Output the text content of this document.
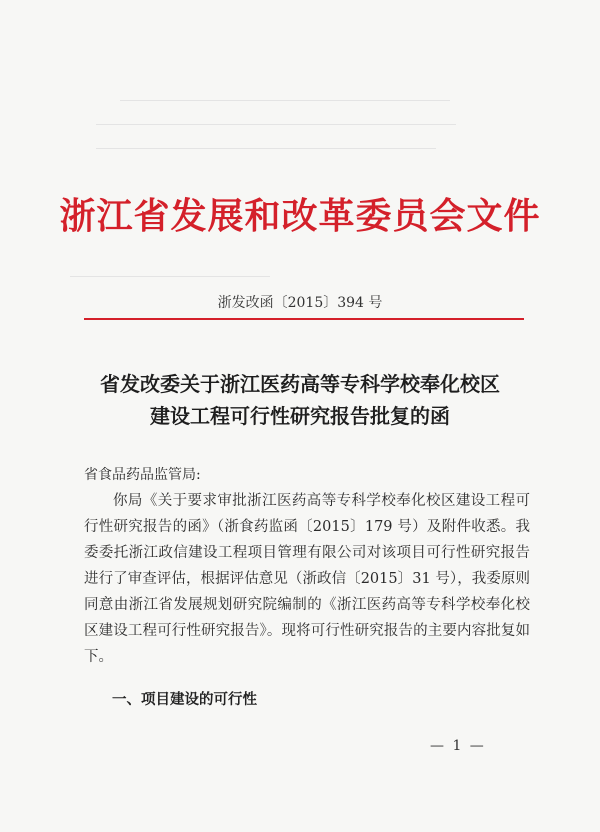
浙江省发展和改革委员会文件
浙发改函〔2015〕394 号
省发改委关于浙江医药高等专科学校奉化校区
建设工程可行性研究报告批复的函
省食品药品监管局:

你局《关于要求审批浙江医药高等专科学校奉化校区建设工程可行性研究报告的函》（浙食药监函〔2015〕179 号）及附件收悉。我委委托浙江政信建设工程项目管理有限公司对该项目可行性研究报告进行了审查评估，根据评估意见（浙政信〔2015〕31 号），我委原则同意由浙江省发展规划研究院编制的《浙江医药高等专科学校奉化校区建设工程可行性研究报告》。现将可行性研究报告的主要内容批复如下。

一、项目建设的可行性
— 1 —
